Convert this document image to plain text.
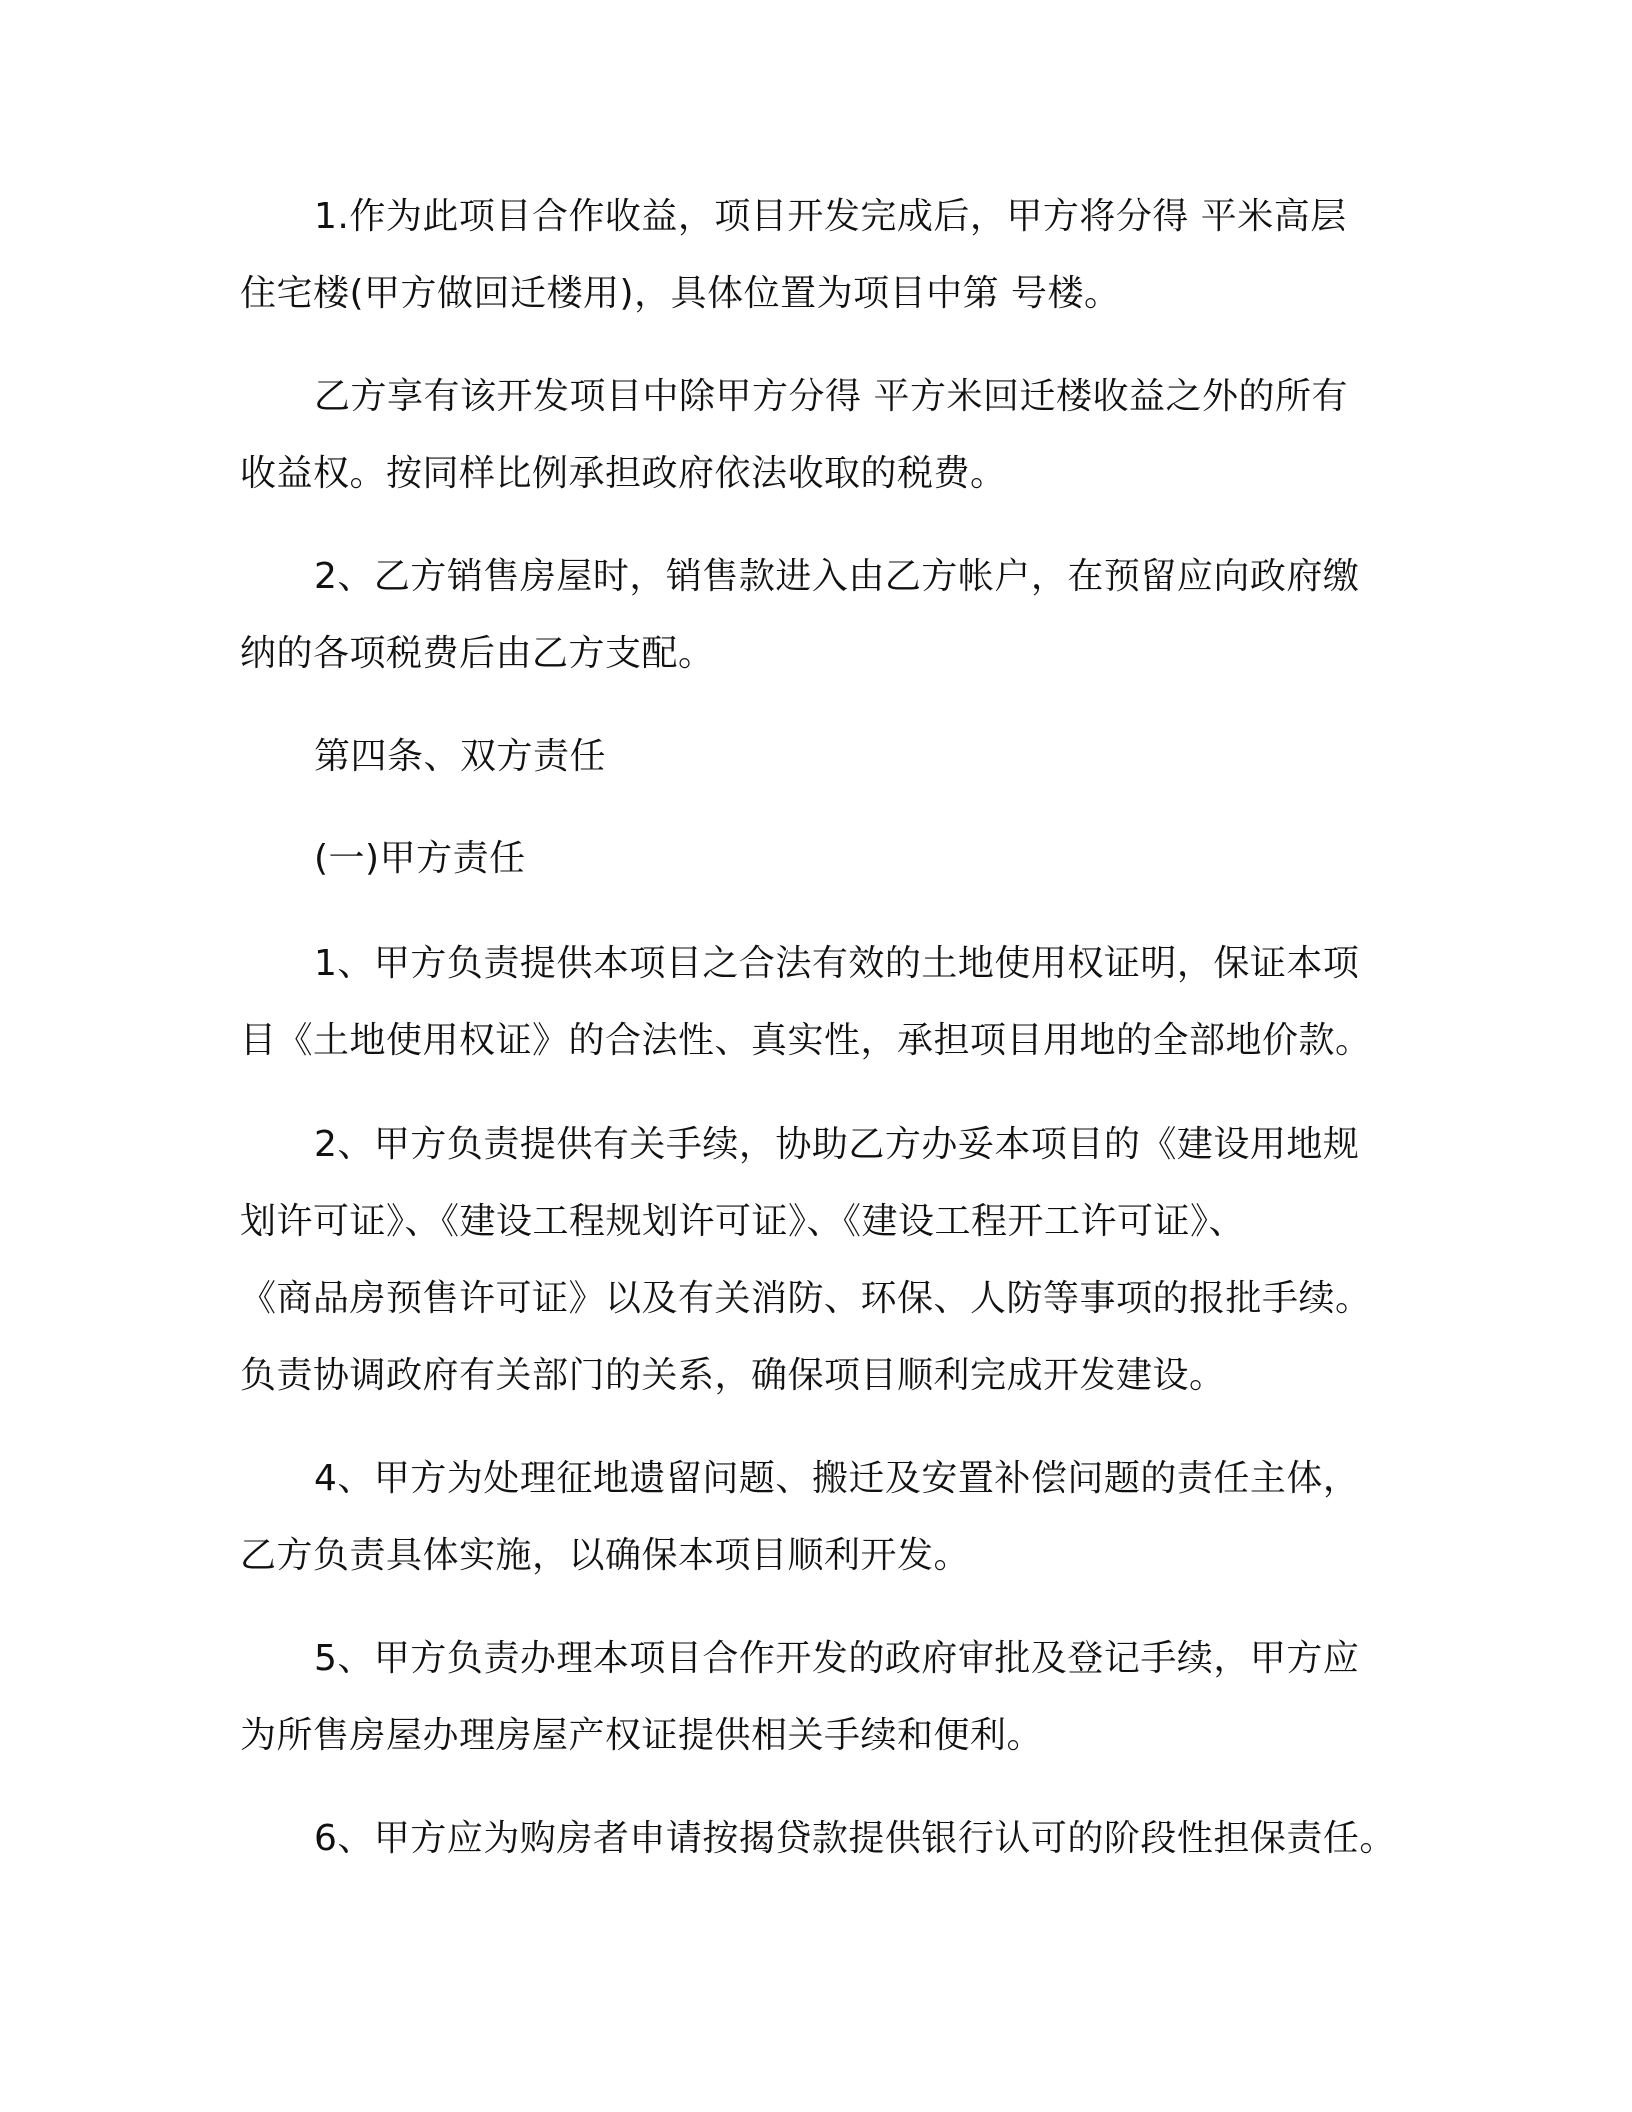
1.作为此项目合作收益，项目开发完成后，甲方将分得 平米高层
住宅楼(甲方做回迁楼用)，具体位置为项目中第 号楼。
乙方享有该开发项目中除甲方分得 平方米回迁楼收益之外的所有
收益权。按同样比例承担政府依法收取的税费。
2、乙方销售房屋时，销售款进入由乙方帐户，在预留应向政府缴
纳的各项税费后由乙方支配。
第四条、双方责任
(一)甲方责任
1、甲方负责提供本项目之合法有效的土地使用权证明，保证本项
目《土地使用权证》的合法性、真实性，承担项目用地的全部地价款。
2、甲方负责提供有关手续，协助乙方办妥本项目的《建设用地规
划许可证》、《建设工程规划许可证》、《建设工程开工许可证》、
《商品房预售许可证》以及有关消防、环保、人防等事项的报批手续。
负责协调政府有关部门的关系，确保项目顺利完成开发建设。
4、甲方为处理征地遗留问题、搬迁及安置补偿问题的责任主体，
乙方负责具体实施，以确保本项目顺利开发。
5、甲方负责办理本项目合作开发的政府审批及登记手续，甲方应
为所售房屋办理房屋产权证提供相关手续和便利。
6、甲方应为购房者申请按揭贷款提供银行认可的阶段性担保责任。
